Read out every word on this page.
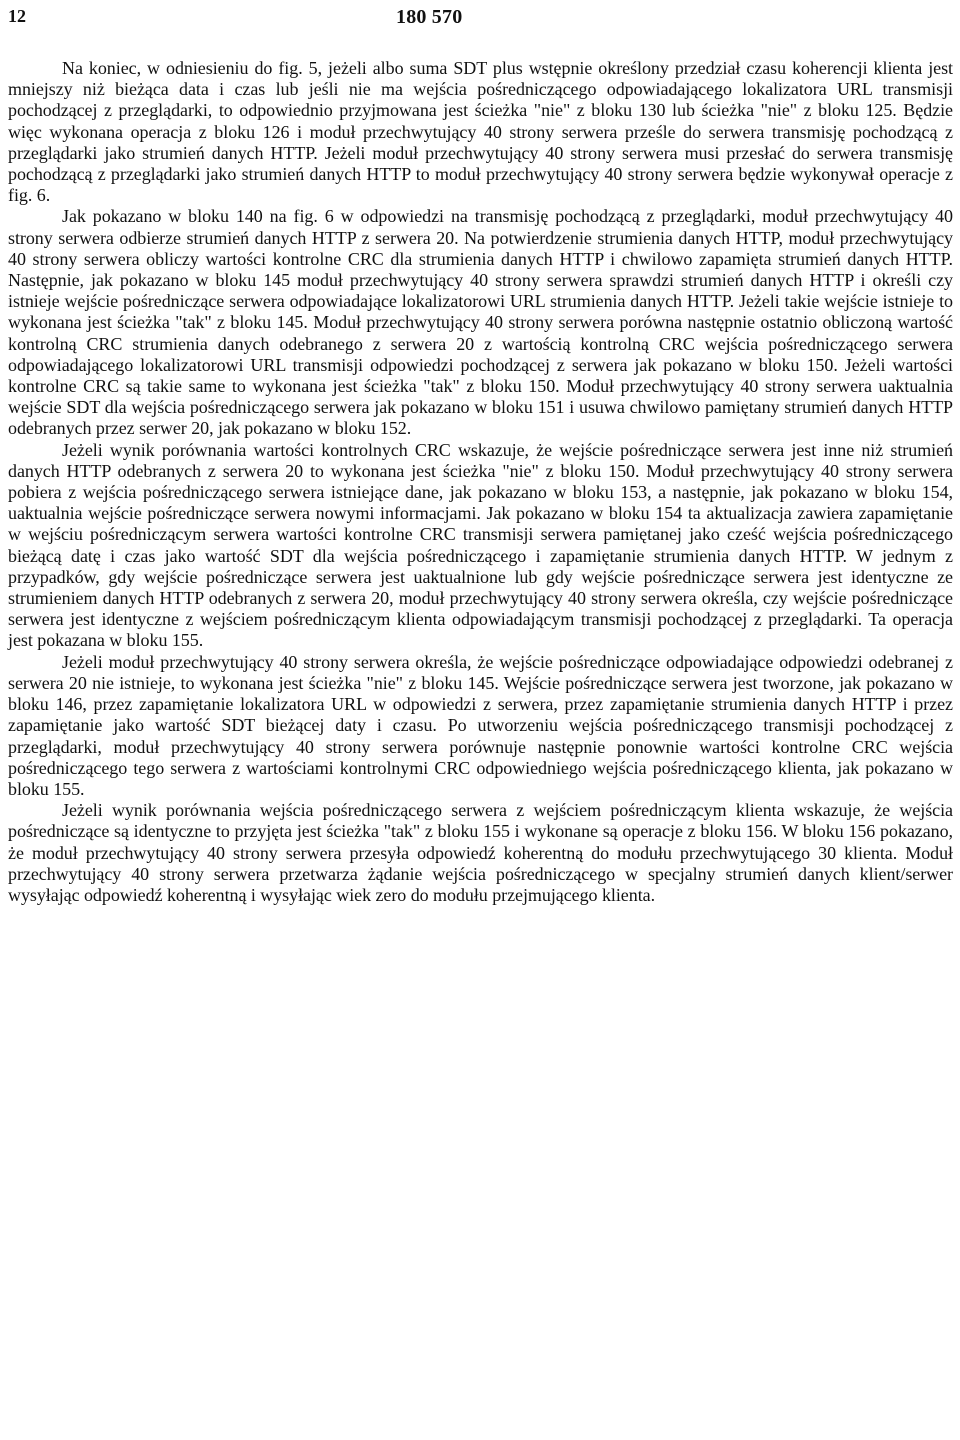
12	180 570

Na koniec, w odniesieniu do fig. 5, jeżeli albo suma SDT plus wstępnie określony przedział czasu koherencji klienta jest mniejszy niż bieżąca data i czas lub jeśli nie ma wejścia pośredniczącego odpowiadającego lokalizatora URL transmisji pochodzącej z przeglądarki, to odpowiednio przyjmowana jest ścieżka "nie" z bloku 130 lub ścieżka "nie" z bloku 125. Będzie więc wykonana operacja z bloku 126 i moduł przechwytujący 40 strony serwera prześle do serwera transmisję pochodzącą z przeglądarki jako strumień danych HTTP. Jeżeli moduł przechwytujący 40 strony serwera musi przesłać do serwera transmisję pochodzącą z przeglądarki jako strumień danych HTTP to moduł przechwytujący 40 strony serwera będzie wykonywał operacje z fig. 6.

Jak pokazano w bloku 140 na fig. 6 w odpowiedzi na transmisję pochodzącą z przeglądarki, moduł przechwytujący 40 strony serwera odbierze strumień danych HTTP z serwera 20. Na potwierdzenie strumienia danych HTTP, moduł przechwytujący 40 strony serwera obliczy wartości kontrolne CRC dla strumienia danych HTTP i chwilowo zapamięta strumień danych HTTP. Następnie, jak pokazano w bloku 145 moduł przechwytujący 40 strony serwera sprawdzi strumień danych HTTP i określi czy istnieje wejście pośredniczące serwera odpowiadające lokalizatorowi URL strumienia danych HTTP. Jeżeli takie wejście istnieje to wykonana jest ścieżka "tak" z bloku 145. Moduł przechwytujący 40 strony serwera porówna następnie ostatnio obliczoną wartość kontrolną CRC strumienia danych odebranego z serwera 20 z wartością kontrolną CRC wejścia pośredniczącego serwera odpowiadającego lokalizatorowi URL transmisji odpowiedzi pochodzącej z serwera jak pokazano w bloku 150. Jeżeli wartości kontrolne CRC są takie same to wykonana jest ścieżka "tak" z bloku 150. Moduł przechwytujący 40 strony serwera uaktualnia wejście SDT dla wejścia pośredniczącego serwera jak pokazano w bloku 151 i usuwa chwilowo pamiętany strumień danych HTTP odebranych przez serwer 20, jak pokazano w bloku 152.

Jeżeli wynik porównania wartości kontrolnych CRC wskazuje, że wejście pośredniczące serwera jest inne niż strumień danych HTTP odebranych z serwera 20 to wykonana jest ścieżka "nie" z bloku 150. Moduł przechwytujący 40 strony serwera pobiera z wejścia pośredniczącego serwera istniejące dane, jak pokazano w bloku 153, a następnie, jak pokazano w bloku 154, uaktualnia wejście pośredniczące serwera nowymi informacjami. Jak pokazano w bloku 154 ta aktualizacja zawiera zapamiętanie w wejściu pośredniczącym serwera wartości kontrolne CRC transmisji serwera pamiętanej jako cześć wejścia pośredniczącego bieżącą datę i czas jako wartość SDT dla wejścia pośredniczącego i zapamiętanie strumienia danych HTTP. W jednym z przypadków, gdy wejście pośredniczące serwera jest uaktualnione lub gdy wejście pośredniczące serwera jest identyczne ze strumieniem danych HTTP odebranych z serwera 20, moduł przechwytujący 40 strony serwera określa, czy wejście pośredniczące serwera jest identyczne z wejściem pośredniczącym klienta odpowiadającym transmisji pochodzącej z przeglądarki. Ta operacja jest pokazana w bloku 155.

Jeżeli moduł przechwytujący 40 strony serwera określa, że wejście pośredniczące odpowiadające odpowiedzi odebranej z serwera 20 nie istnieje, to wykonana jest ścieżka "nie" z bloku 145. Wejście pośredniczące serwera jest tworzone, jak pokazano w bloku 146, przez zapamiętanie lokalizatora URL w odpowiedzi z serwera, przez zapamiętanie strumienia danych HTTP i przez zapamiętanie jako wartość SDT bieżącej daty i czasu. Po utworzeniu wejścia pośredniczącego transmisji pochodzącej z przeglądarki, moduł przechwytujący 40 strony serwera porównuje następnie ponownie wartości kontrolne CRC wejścia pośredniczącego tego serwera z wartościami kontrolnymi CRC odpowiedniego wejścia pośredniczącego klienta, jak pokazano w bloku 155.

Jeżeli wynik porównania wejścia pośredniczącego serwera z wejściem pośredniczącym klienta wskazuje, że wejścia pośredniczące są identyczne to przyjęta jest ścieżka "tak" z bloku 155 i wykonane są operacje z bloku 156. W bloku 156 pokazano, że moduł przechwytujący 40 strony serwera przesyła odpowiedź koherentną do modułu przechwytującego 30 klienta. Moduł przechwytujący 40 strony serwera przetwarza żądanie wejścia pośredniczącego w specjalny strumień danych klient/serwer wysyłając odpowiedź koherentną i wysyłając wiek zero do modułu przejmującego klienta.
